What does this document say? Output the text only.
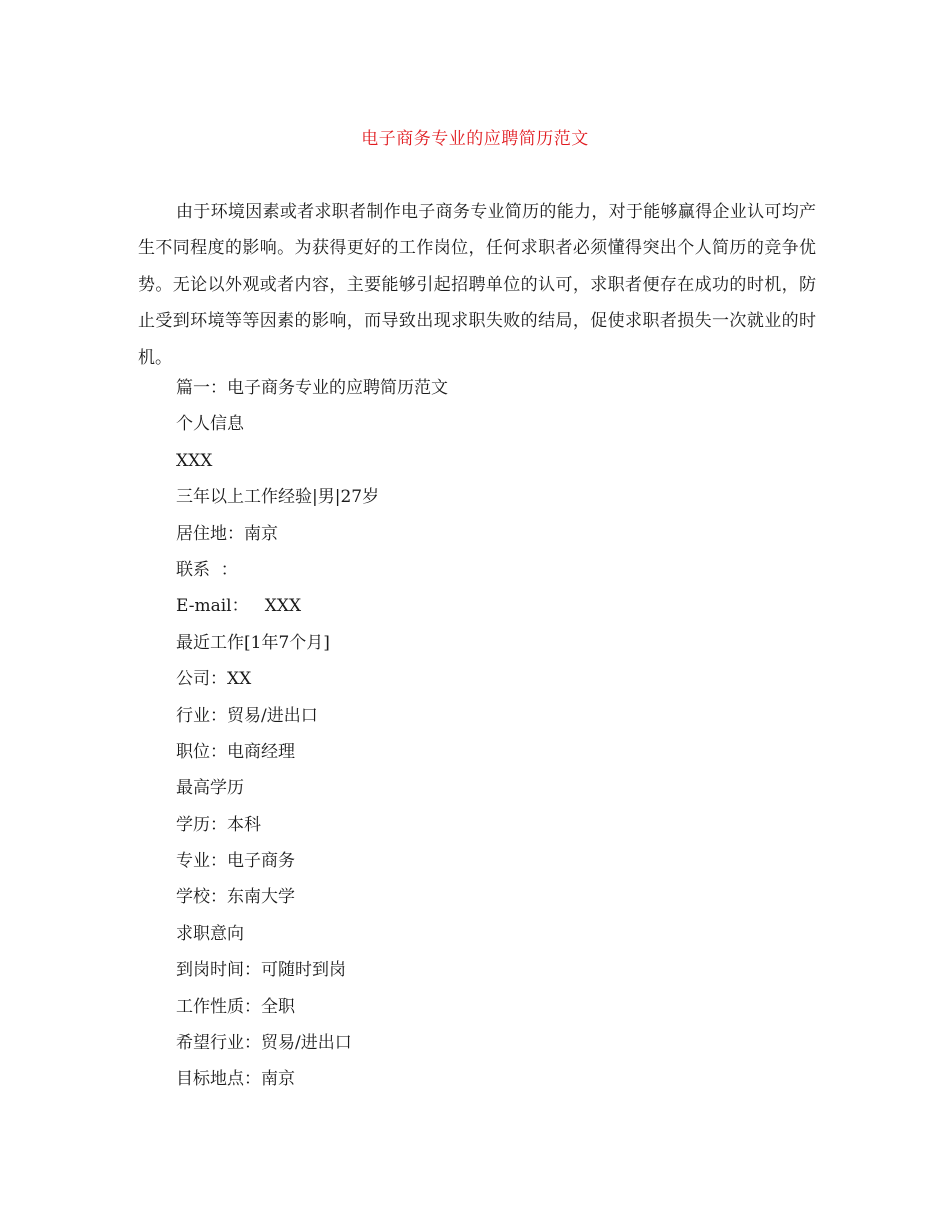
电子商务专业的应聘简历范文

由于环境因素或者求职者制作电子商务专业简历的能力，对于能够赢得企业认可均产生不同程度的影响。为获得更好的工作岗位，任何求职者必须懂得突出个人简历的竞争优势。无论以外观或者内容，主要能够引起招聘单位的认可，求职者便存在成功的时机，防止受到环境等等因素的影响，而导致出现求职失败的结局，促使求职者损失一次就业的时机。

篇一：电子商务专业的应聘简历范文
个人信息
XXX
三年以上工作经验|男|27岁
居住地：南京
联系  ：
E-mail：   XXX
最近工作[1年7个月]
公司：XX
行业：贸易/进出口
职位：电商经理
最高学历
学历：本科
专业：电子商务
学校：东南大学
求职意向
到岗时间：可随时到岗
工作性质：全职
希望行业：贸易/进出口
目标地点：南京
